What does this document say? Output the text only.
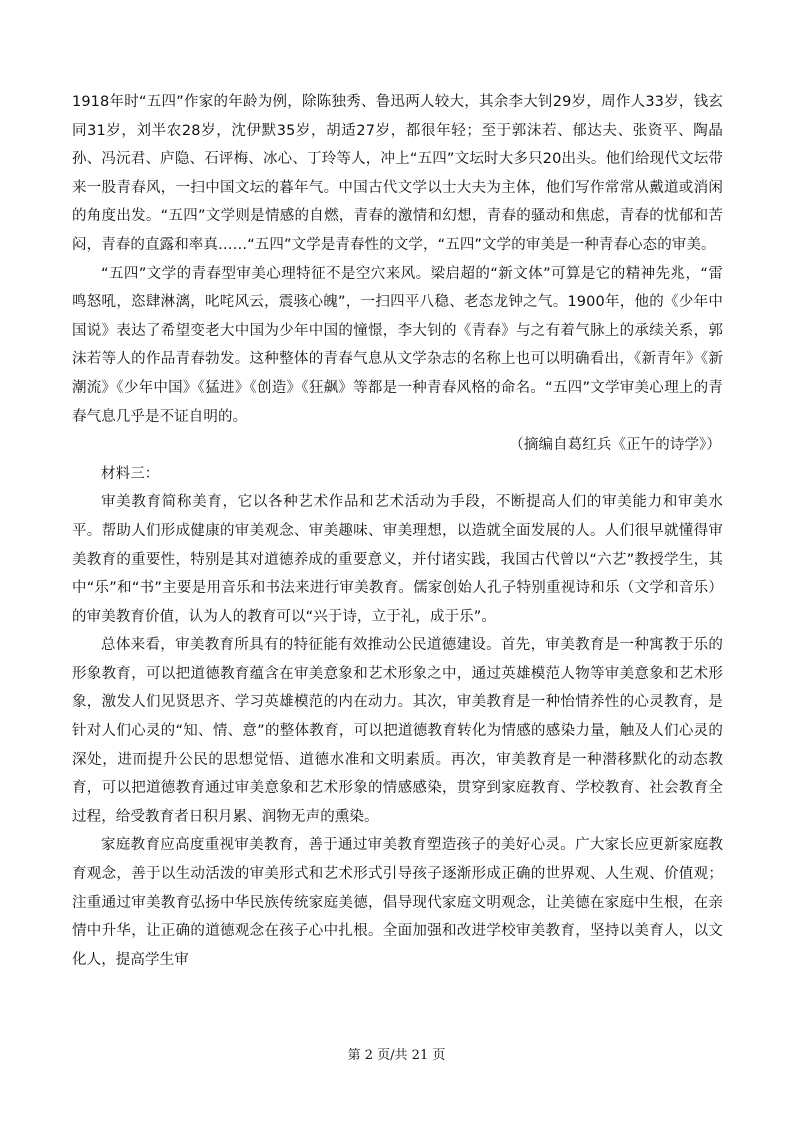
1918年时“五四”作家的年龄为例，除陈独秀、鲁迅两人较大，其余李大钊29岁，周作人33岁，钱玄同31岁，刘半农28岁，沈伊默35岁，胡适27岁，都很年轻；至于郭沫若、郁达夫、张资平、陶晶孙、冯沅君、庐隐、石评梅、冰心、丁玲等人，冲上“五四”文坛时大多只20出头。他们给现代文坛带来一股青春风，一扫中国文坛的暮年气。中国古代文学以士大夫为主体，他们写作常常从戴道或消闲的角度出发。“五四”文学则是情感的自燃，青春的激情和幻想，青春的骚动和焦虑，青春的忧郁和苦闷，青春的直露和率真……“五四”文学是青春性的文学，“五四”文学的审美是一种青春心态的审美。

“五四”文学的青春型审美心理特征不是空穴来风。梁启超的“新文体”可算是它的精神先兆，“雷鸣怒吼，恣肆淋漓，叱咤风云，震骇心魄”，一扫四平八稳、老态龙钟之气。1900年，他的《少年中国说》表达了希望变老大中国为少年中国的憧憬，李大钊的《青春》与之有着气脉上的承续关系，郭沫若等人的作品青春勃发。这种整体的青春气息从文学杂志的名称上也可以明确看出，《新青年》《新潮流》《少年中国》《猛进》《创造》《狂飙》等都是一种青春风格的命名。“五四”文学审美心理上的青春气息几乎是不证自明的。

（摘编自葛红兵《正午的诗学》）

材料三：

审美教育简称美育，它以各种艺术作品和艺术活动为手段，不断提高人们的审美能力和审美水平。帮助人们形成健康的审美观念、审美趣味、审美理想，以造就全面发展的人。人们很早就懂得审美教育的重要性，特别是其对道德养成的重要意义，并付诸实践，我国古代曾以“六艺”教授学生，其中“乐”和“书”主要是用音乐和书法来进行审美教育。儒家创始人孔子特别重视诗和乐（文学和音乐）的审美教育价值，认为人的教育可以“兴于诗，立于礼，成于乐”。

总体来看，审美教育所具有的特征能有效推动公民道德建设。首先，审美教育是一种寓教于乐的形象教育，可以把道德教育蕴含在审美意象和艺术形象之中，通过英雄模范人物等审美意象和艺术形象，激发人们见贤思齐、学习英雄模范的内在动力。其次，审美教育是一种怡情养性的心灵教育，是针对人们心灵的“知、情、意”的整体教育，可以把道德教育转化为情感的感染力量，触及人们心灵的深处，进而提升公民的思想觉悟、道德水准和文明素质。再次，审美教育是一种潜移默化的动态教育，可以把道德教育通过审美意象和艺术形象的情感感染，贯穿到家庭教育、学校教育、社会教育全过程，给受教育者日积月累、润物无声的熏染。

家庭教育应高度重视审美教育，善于通过审美教育塑造孩子的美好心灵。广大家长应更新家庭教育观念，善于以生动活泼的审美形式和艺术形式引导孩子逐渐形成正确的世界观、人生观、价值观；注重通过审美教育弘扬中华民族传统家庭美德，倡导现代家庭文明观念，让美德在家庭中生根，在亲情中升华，让正确的道德观念在孩子心中扎根。全面加强和改进学校审美教育，坚持以美育人，以文化人，提高学生审

第 2 页/共 21 页
